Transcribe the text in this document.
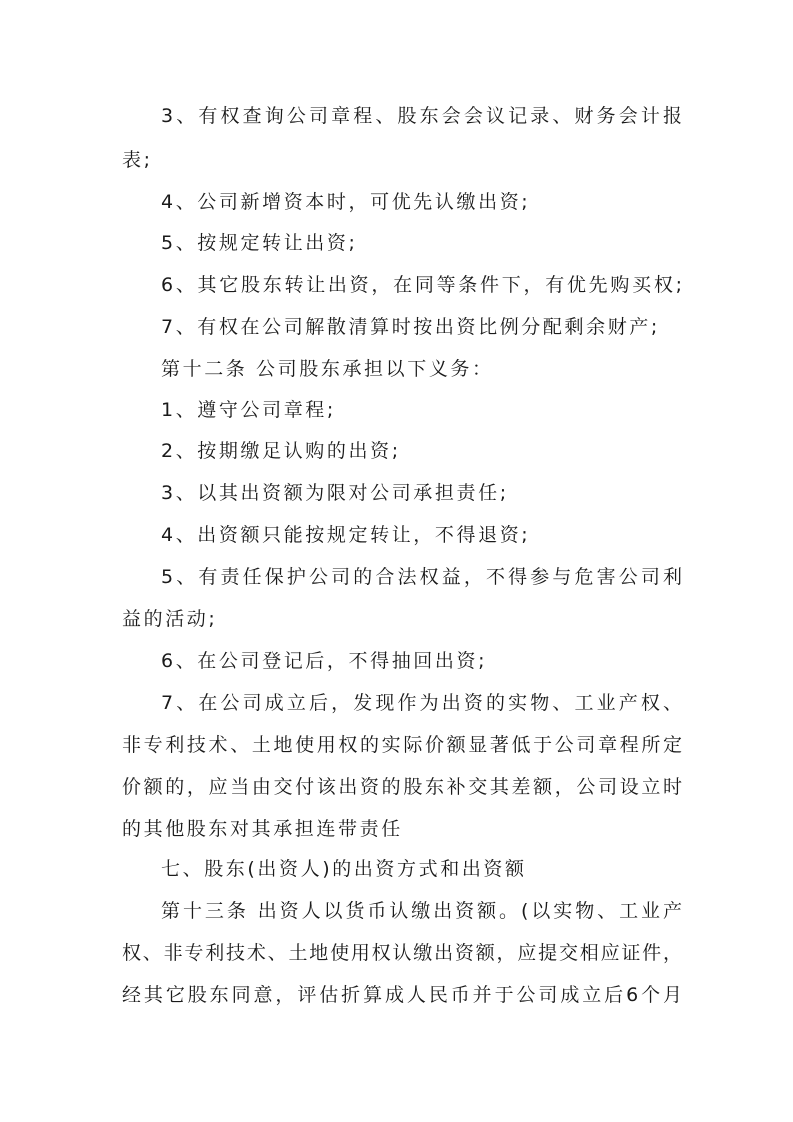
3、有权查询公司章程、股东会会议记录、财务会计报
表;
4、公司新增资本时，可优先认缴出资;
5、按规定转让出资;
6、其它股东转让出资，在同等条件下，有优先购买权;
7、有权在公司解散清算时按出资比例分配剩余财产;
第十二条 公司股东承担以下义务：
1、遵守公司章程;
2、按期缴足认购的出资;
3、以其出资额为限对公司承担责任;
4、出资额只能按规定转让，不得退资;
5、有责任保护公司的合法权益，不得参与危害公司利
益的活动;
6、在公司登记后，不得抽回出资;
7、在公司成立后，发现作为出资的实物、工业产权、
非专利技术、土地使用权的实际价额显著低于公司章程所定
价额的，应当由交付该出资的股东补交其差额，公司设立时
的其他股东对其承担连带责任
七、股东(出资人)的出资方式和出资额
第十三条 出资人以货币认缴出资额。(以实物、工业产
权、非专利技术、土地使用权认缴出资额，应提交相应证件，
经其它股东同意，评估折算成人民币并于公司成立后6个月
